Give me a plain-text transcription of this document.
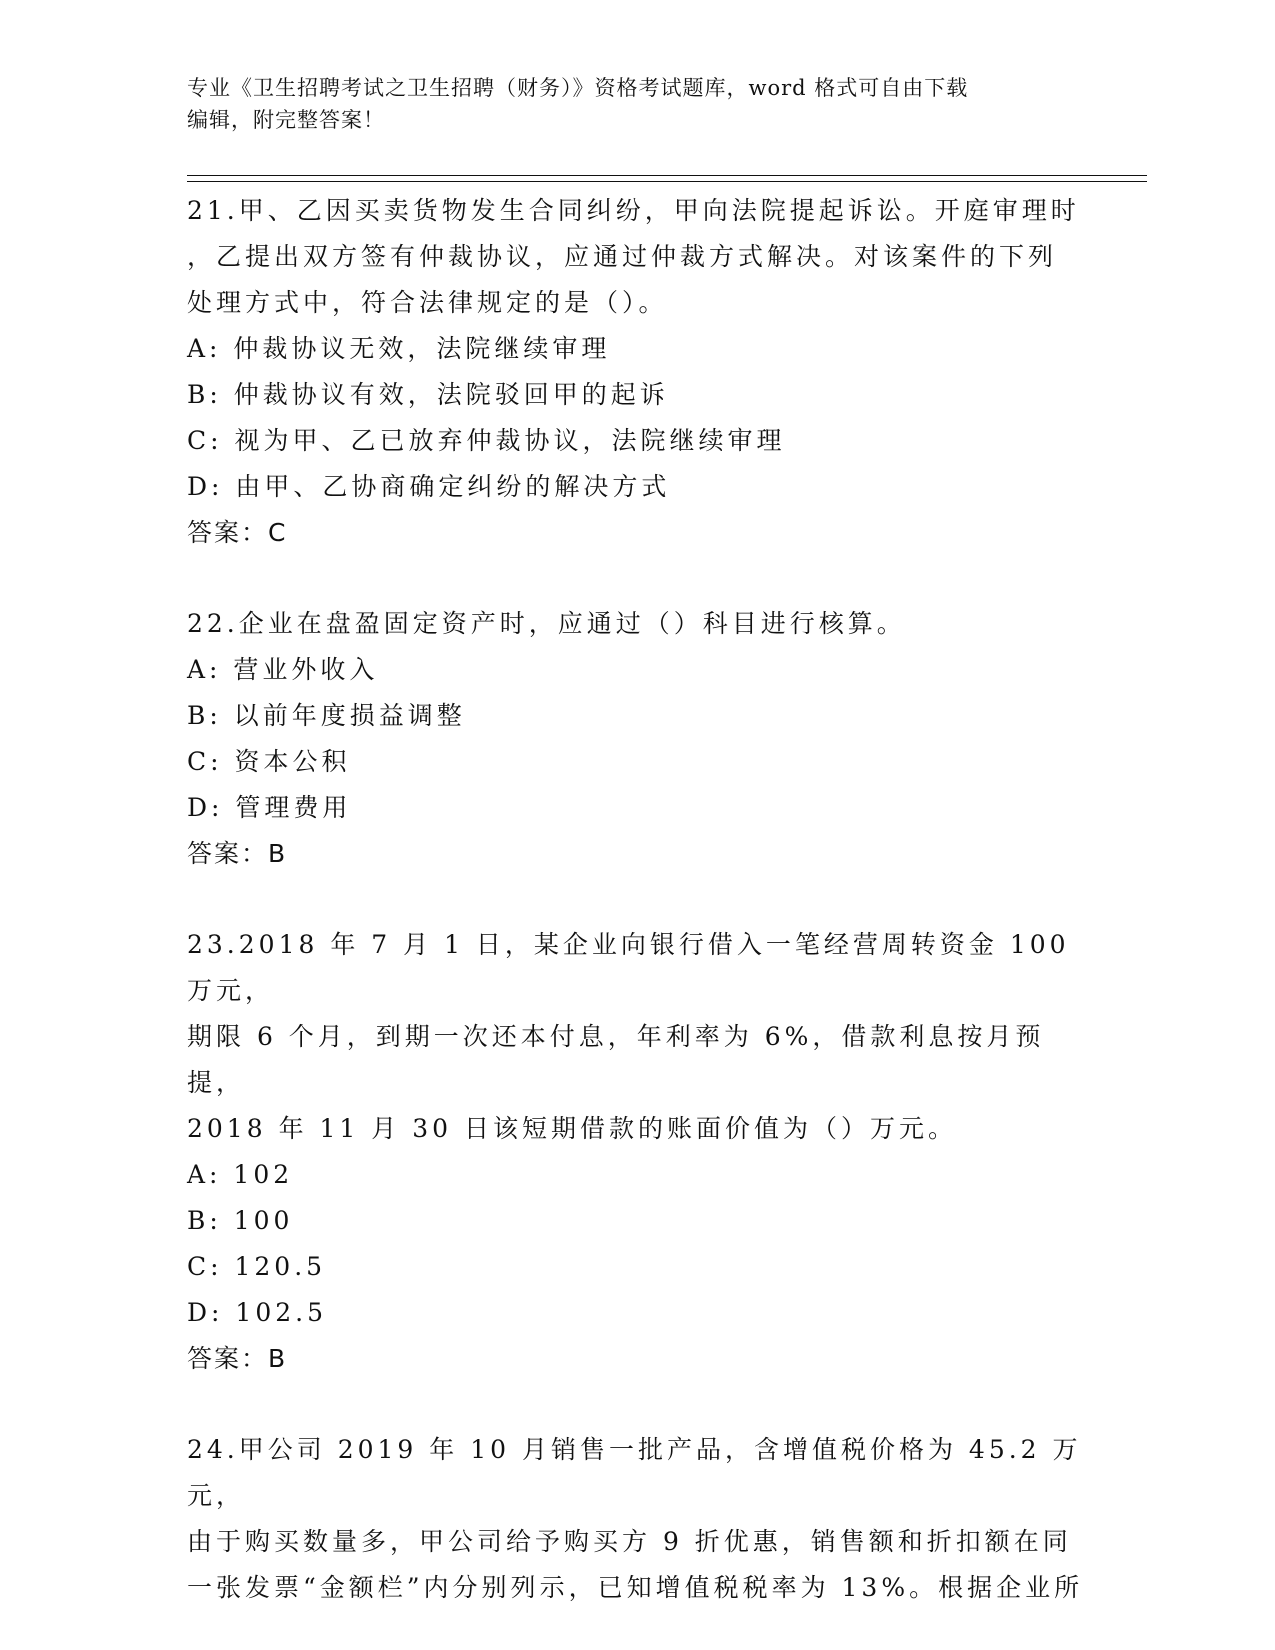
专业《卫生招聘考试之卫生招聘（财务）》资格考试题库，word 格式可自由下载
编辑，附完整答案！
21.甲、乙因买卖货物发生合同纠纷，甲向法院提起诉讼。开庭审理时
，乙提出双方签有仲裁协议，应通过仲裁方式解决。对该案件的下列
处理方式中，符合法律规定的是（）。
A: 仲裁协议无效，法院继续审理
B: 仲裁协议有效，法院驳回甲的起诉
C: 视为甲、乙已放弃仲裁协议，法院继续审理
D: 由甲、乙协商确定纠纷的解决方式
答案：C
22.企业在盘盈固定资产时，应通过（）科目进行核算。
A: 营业外收入
B: 以前年度损益调整
C: 资本公积
D: 管理费用
答案：B
23.2018 年 7 月 1 日，某企业向银行借入一笔经营周转资金 100 万元，
期限 6 个月，到期一次还本付息，年利率为 6%，借款利息按月预提，
2018 年 11 月 30 日该短期借款的账面价值为（）万元。
A: 102
B: 100
C: 120.5
D: 102.5
答案：B
24.甲公司 2019 年 10 月销售一批产品，含增值税价格为 45.2 万元，
由于购买数量多，甲公司给予购买方 9 折优惠，销售额和折扣额在同
一张发票“金额栏”内分别列示，已知增值税税率为 13%。根据企业所
